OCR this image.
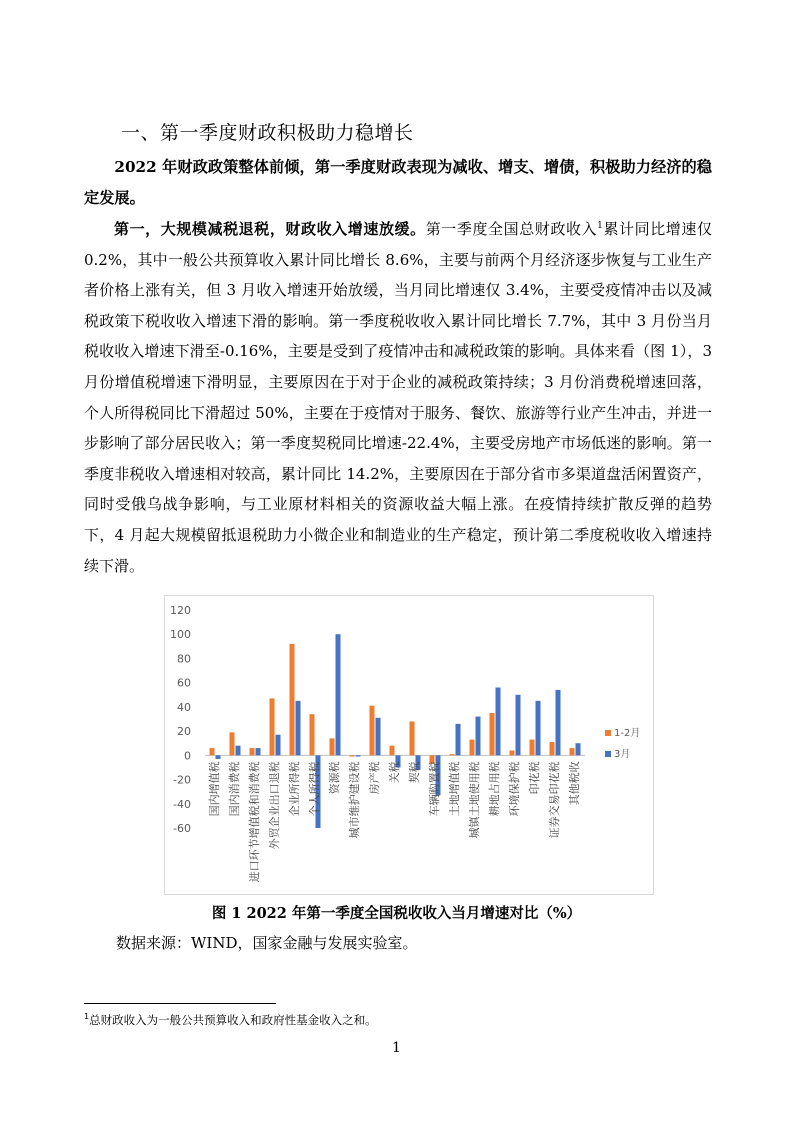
一、第一季度财政积极助力稳增长

2022 年财政政策整体前倾，第一季度财政表现为减收、增支、增债，积极助力经济的稳定发展。

第一，大规模减税退税，财政收入增速放缓。第一季度全国总财政收入$^1$累计同比增速仅 0.2%，其中一般公共预算收入累计同比增长 8.6%，主要与前两个月经济逐步恢复与工业生产者价格上涨有关，但 3 月收入增速开始放缓，当月同比增速仅 3.4%，主要受疫情冲击以及减税政策下税收收入增速下滑的影响。第一季度税收收入累计同比增长 7.7%，其中 3 月份当月税收收入增速下滑至-0.16%，主要是受到了疫情冲击和减税政策的影响。具体来看（图 1），3 月份增值税增速下滑明显，主要原因在于对于企业的减税政策持续；3 月份消费税增速回落，个人所得税同比下滑超过 50%，主要在于疫情对于服务、餐饮、旅游等行业产生冲击，并进一步影响了部分居民收入；第一季度契税同比增速-22.4%，主要受房地产市场低迷的影响。第一季度非税收入增速相对较高，累计同比 14.2%，主要原因在于部分省市多渠道盘活闲置资产，同时受俄乌战争影响，与工业原材料相关的资源收益大幅上涨。在疫情持续扩散反弹的趋势下，4 月起大规模留抵退税助力小微企业和制造业的生产稳定，预计第二季度税收收入增速持续下滑。

120
100
80
60
40
20
0
-20
-40
-60
国内增值税 国内消费税 进口环节增值税和消费税 外贸企业出口退税 企业所得税 个人所得税 资源税 城市维护建设税 房产税 关税 契税 车辆购置税 土地增值税 城镇土地使用税 耕地占用税 环境保护税 印花税 证券交易印花税 其他税收
1-2月
3月
图 1 2022 年第一季度全国税收收入当月增速对比（%）
数据来源：WIND，国家金融与发展实验室。
$^1$总财政收入为一般公共预算收入和政府性基金收入之和。
1
